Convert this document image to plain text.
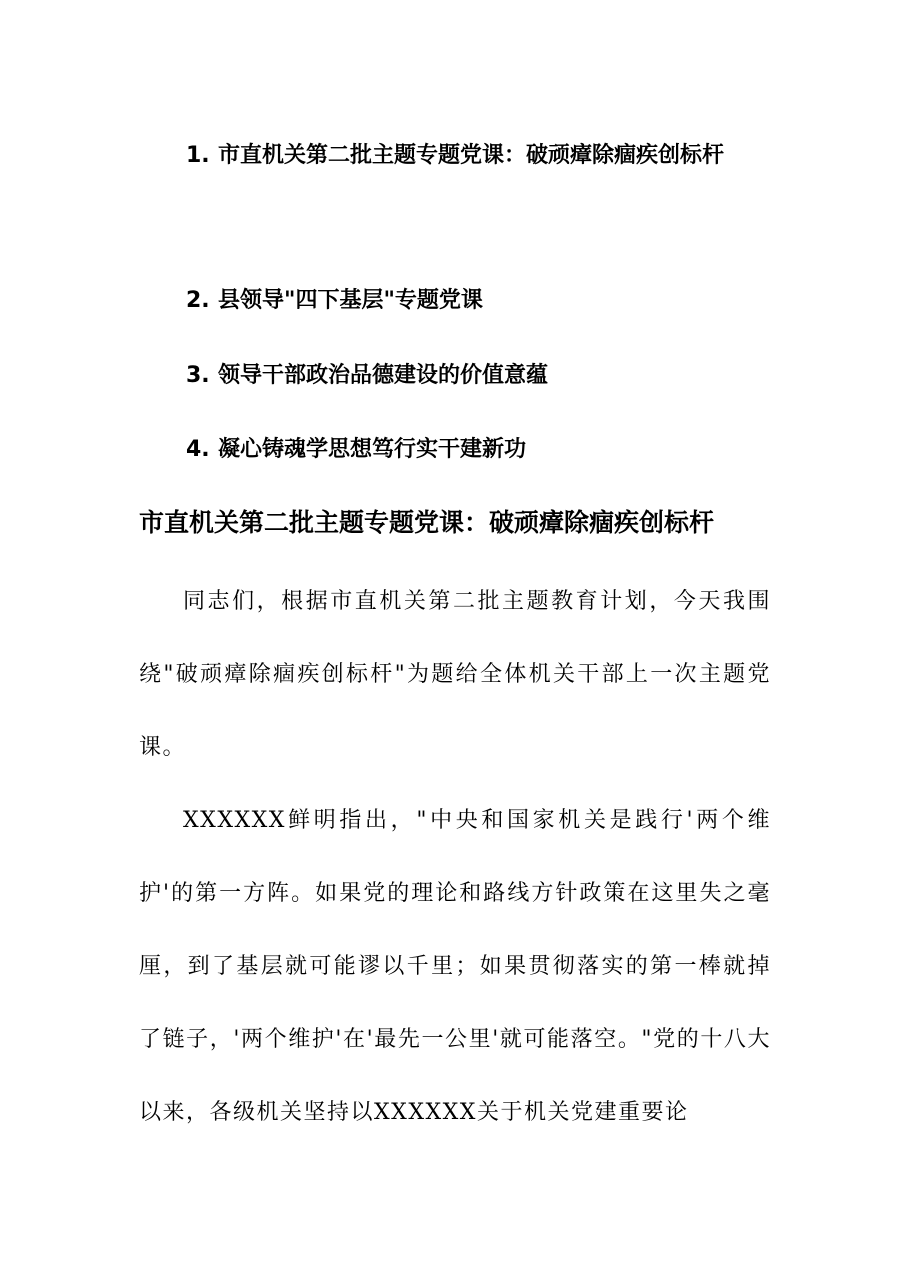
1. 市直机关第二批主题专题党课：破顽瘴除痼疾创标杆
2. 县领导"四下基层"专题党课
3. 领导干部政治品德建设的价值意蕴
4. 凝心铸魂学思想笃行实干建新功
市直机关第二批主题专题党课：破顽瘴除痼疾创标杆

同志们，根据市直机关第二批主题教育计划，今天我围绕"破顽瘴除痼疾创标杆"为题给全体机关干部上一次主题党课。

XXXXXX鲜明指出，"中央和国家机关是践行'两个维护'的第一方阵。如果党的理论和路线方针政策在这里失之毫厘，到了基层就可能谬以千里；如果贯彻落实的第一棒就掉了链子，'两个维护'在'最先一公里'就可能落空。"党的十八大以来，各级机关坚持以XXXXXX关于机关党建重要论
